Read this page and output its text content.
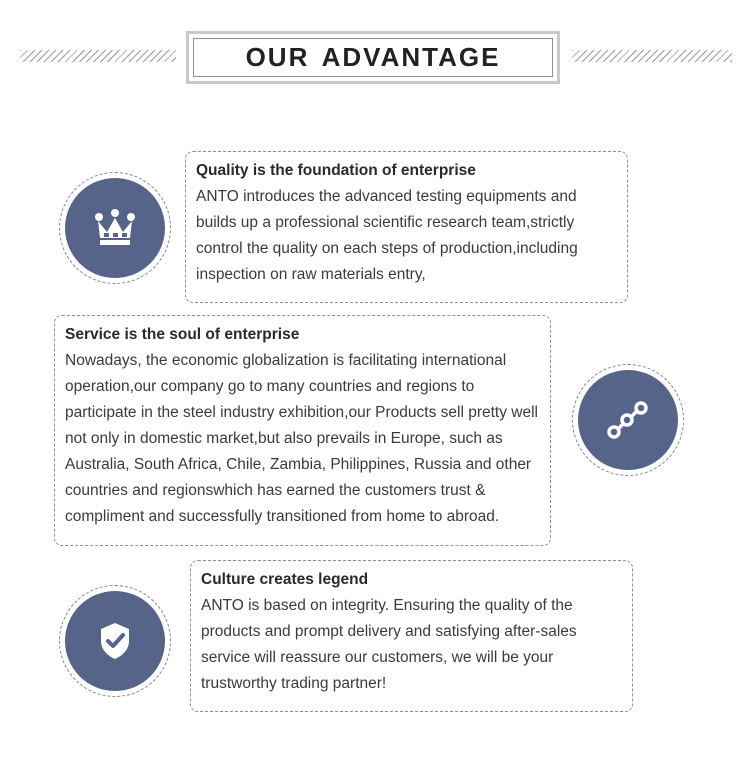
OUR ADVANTAGE
Quality is the foundation of enterprise

ANTO introduces the advanced testing equipments and builds up a professional scientific research team,strictly control the quality on each steps of production,including inspection on raw materials entry,

Service is the soul of enterprise

Nowadays, the economic globalization is facilitating international operation,our company go to many countries and regions to participate in the steel industry exhibition,our Products sell pretty well not only in domestic market,but also prevails in Europe, such as Australia, South Africa, Chile, Zambia, Philippines, Russia and other countries and regionswhich has earned the customers trust & compliment and successfully transitioned from home to abroad.

Culture creates legend

ANTO is based on integrity. Ensuring the quality of the products and prompt delivery and satisfying after-sales service will reassure our customers, we will be your trustworthy trading partner!
